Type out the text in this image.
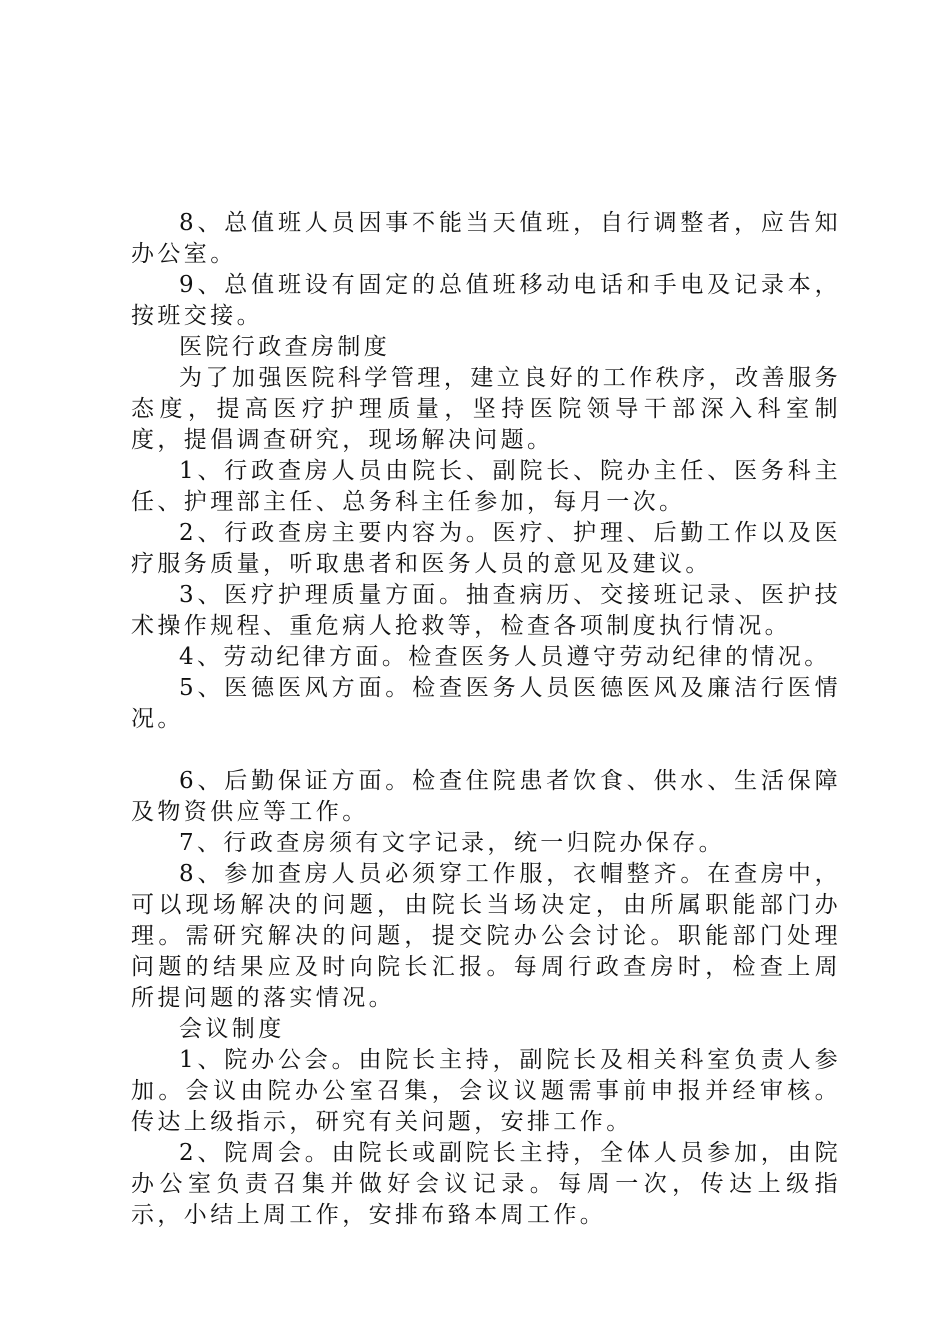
8、总值班人员因事不能当天值班，自行调整者，应告知办公室。

9、总值班设有固定的总值班移动电话和手电及记录本，按班交接。

医院行政查房制度

为了加强医院科学管理，建立良好的工作秩序，改善服务态度，提高医疗护理质量，坚持医院领导干部深入科室制度，提倡调查研究，现场解决问题。

1、行政查房人员由院长、副院长、院办主任、医务科主任、护理部主任、总务科主任参加，每月一次。

2、行政查房主要内容为。医疗、护理、后勤工作以及医疗服务质量，听取患者和医务人员的意见及建议。

3、医疗护理质量方面。抽查病历、交接班记录、医护技术操作规程、重危病人抢救等，检查各项制度执行情况。

4、劳动纪律方面。检查医务人员遵守劳动纪律的情况。

5、医德医风方面。检查医务人员医德医风及廉洁行医情况。

6、后勤保证方面。检查住院患者饮食、供水、生活保障及物资供应等工作。

7、行政查房须有文字记录，统一归院办保存。

8、参加查房人员必须穿工作服，衣帽整齐。在查房中，可以现场解决的问题，由院长当场决定，由所属职能部门办理。需研究解决的问题，提交院办公会讨论。职能部门处理问题的结果应及时向院长汇报。每周行政查房时，检查上周所提问题的落实情况。

会议制度

1、院办公会。由院长主持，副院长及相关科室负责人参加。会议由院办公室召集，会议议题需事前申报并经审核。传达上级指示，研究有关问题，安排工作。

2、院周会。由院长或副院长主持，全体人员参加，由院办公室负责召集并做好会议记录。每周一次，传达上级指示，小结上周工作，安排布臵本周工作。
